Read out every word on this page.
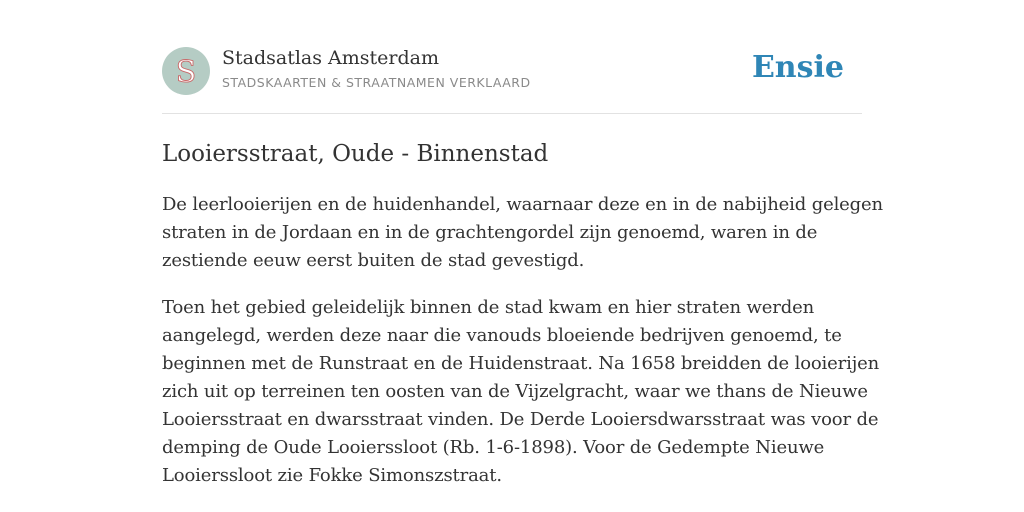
S Stadsatlas Amsterdam
STADSKAARTEN & STRAATNAMEN VERKLAARD	Ensie
Looiersstraat, Oude - Binnenstad

De leerlooierijen en de huidenhandel, waarnaar deze en in de nabijheid gelegen
straten in de Jordaan en in de grachtengordel zijn genoemd, waren in de
zestiende eeuw eerst buiten de stad gevestigd.

Toen het gebied geleidelijk binnen de stad kwam en hier straten werden
aangelegd, werden deze naar die vanouds bloeiende bedrijven genoemd, te
beginnen met de Runstraat en de Huidenstraat. Na 1658 breidden de looierijen
zich uit op terreinen ten oosten van de Vijzelgracht, waar we thans de Nieuwe
Looiersstraat en dwarsstraat vinden. De Derde Looiersdwarsstraat was voor de
demping de Oude Looierssloot (Rb. 1-6-1898). Voor de Gedempte Nieuwe
Looierssloot zie Fokke Simonszstraat.
